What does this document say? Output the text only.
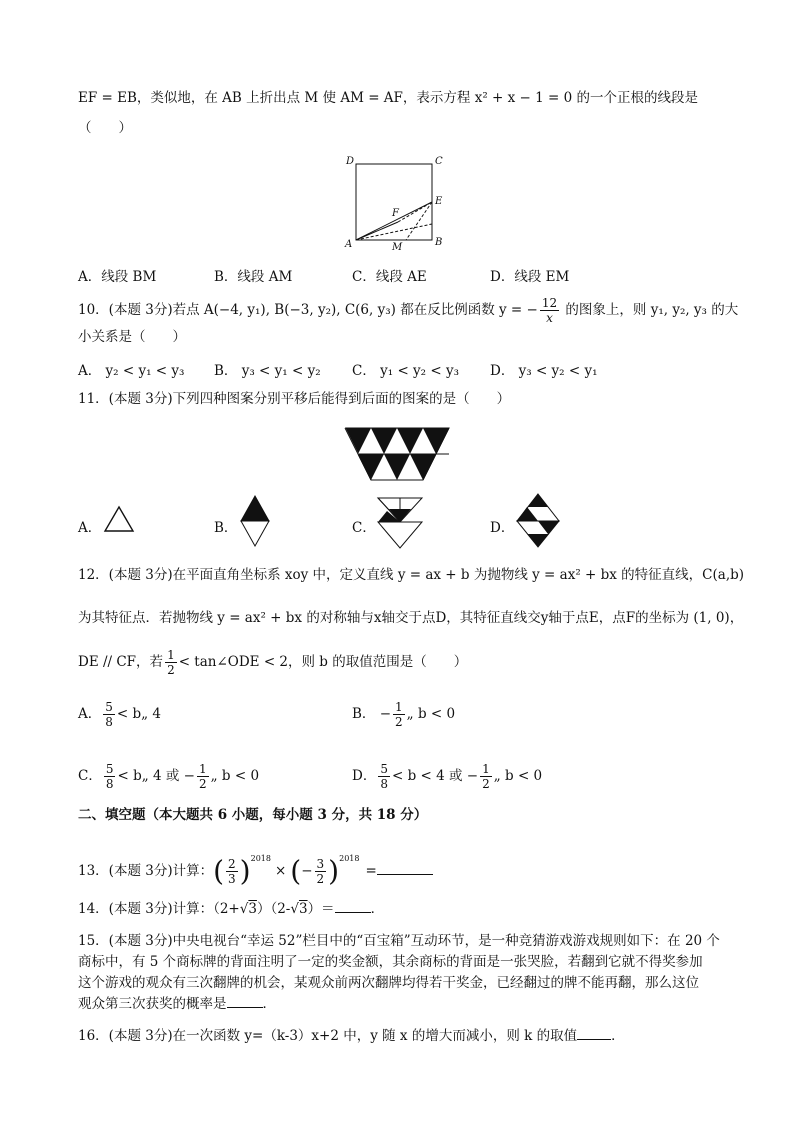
EF = EB，类似地，在 AB 上折出点 M 使 AM = AF，表示方程 x² + x − 1 = 0 的一个正根的线段是
（　　）
D	C
F
E
A	M	B
A．线段 BM	B．线段 AM	C．线段 AE	D．线段 EM
10．(本题 3分)若点 A(−4, y₁), B(−3, y₂), C(6, y₃) 都在反比例函数 y = − $\frac{12}{x}$ 的图象上，则 y₁, y₂, y₃ 的大
小关系是（　　）
A． y₂ < y₁ < y₃ B． y₃ < y₁ < y₂ C． y₁ < y₂ < y₃ D． y₃ < y₂ < y₁
11．(本题 3分)下列四种图案分别平移后能得到后面的图案的是（　　）
A．	B．	C．	D．
12．(本题 3分)在平面直角坐标系 xoy 中，定义直线 y = ax + b 为抛物线 y = ax² + bx 的特征直线，C(a,b)
为其特征点．若抛物线 y = ax² + bx 的对称轴与x轴交于点D，其特征直线交y轴于点E，点F的坐标为 (1, 0)，
DE // CF，若 $\frac{1}{2}$ < tan∠ODE < 2，则 b 的取值范围是（　　）
A． $\frac{5}{8}$ < b„ 4	B． − $\frac{1}{2}$ „ b < 0
C． $\frac{5}{8}$ < b„ 4 或 − $\frac{1}{2}$ „ b < 0	D． $\frac{5}{8} < b < 4$ 或 − $\frac{1}{2}$ „ b < 0
二、填空题（本大题共 6 小题，每小题 3 分，共 18 分）
13．(本题 3分)计算：( $\frac{2}{3} )^{2018}\times$ (− $\frac{3}{2} )^{2018}=$
14．(本题 3分)计算：（2+√3）（2-√3）＝	．
15．(本题 3分)中央电视台“幸运 52”栏目中的“百宝箱”互动环节，是一种竞猜游戏游戏规则如下：在 20 个
商标中，有 5 个商标牌的背面注明了一定的奖金额，其余商标的背面是一张哭脸，若翻到它就不得奖参加
这个游戏的观众有三次翻牌的机会，某观众前两次翻牌均得若干奖金，已经翻过的牌不能再翻，那么这位
观众第三次获奖的概率是	．
16．(本题 3分)在一次函数 y=（k-3）x+2 中，y 随 x 的增大而减小，则 k 的取值	．
